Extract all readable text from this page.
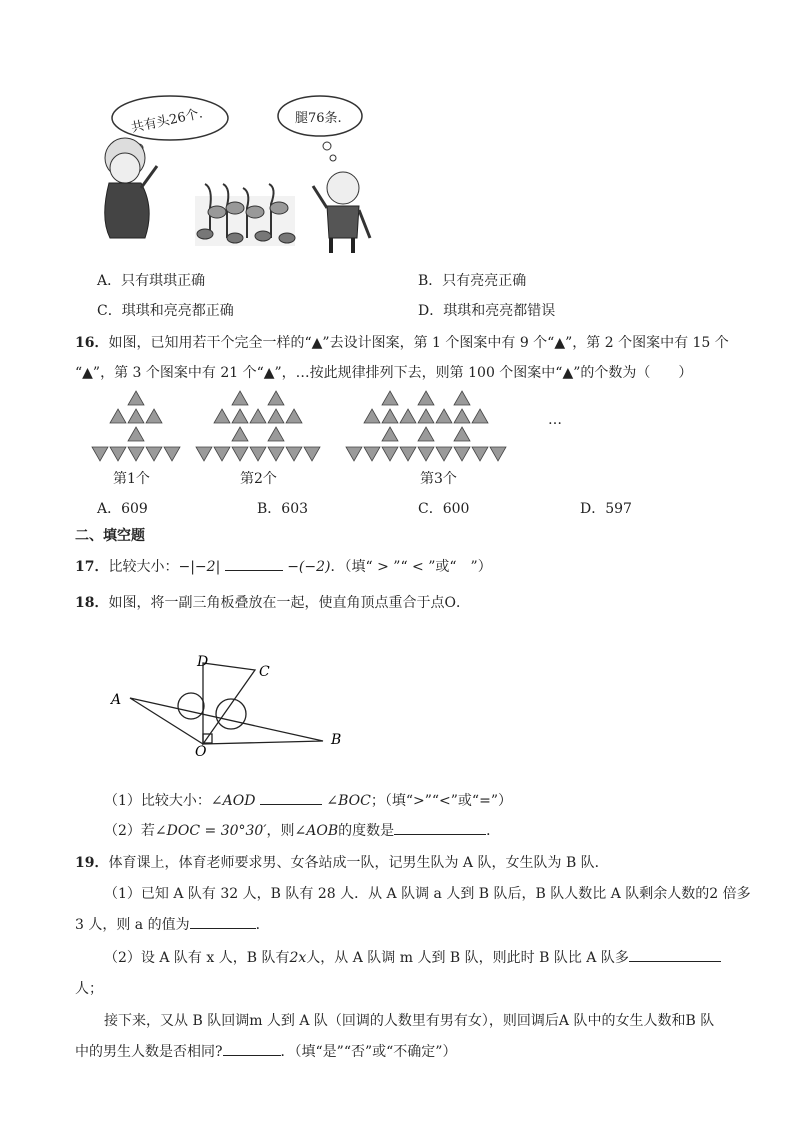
共有头26个.	腿76条.
A．只有琪琪正确	B．只有亮亮正确
C．琪琪和亮亮都正确	D．琪琪和亮亮都错误
16．如图，已知用若干个完全一样的“▲”去设计图案，第 1 个图案中有 9 个“▲”，第 2 个图案中有 15 个
“▲”，第 3 个图案中有 21 个“▲”，…按此规律排列下去，则第 100 个图案中“▲”的个数为（　　）
第1个	第2个	第3个
…
A．609	B．603	C．600	D．597
二、填空题
17．比较大小：−|−2|	−(−2)．（填“ > ”“ < ”或“　”）
18．如图，将一副三角板叠放在一起，使直角顶点重合于点O．
A
B
C
D
O
（1）比较大小：∠AOD	∠BOC；（填“>”“<”或“=”）
（2）若∠DOC = 30°30′，则∠AOB的度数是	．
19．体育课上，体育老师要求男、女各站成一队，记男生队为 A 队，女生队为 B 队．
（1）已知 A 队有 32 人，B 队有 28 人．从 A 队调 a 人到 B 队后，B 队人数比 A 队剩余人数的2 倍多
3 人，则 a 的值为	．
（2）设 A 队有 x 人，B 队有2x人，从 A 队调 m 人到 B 队，则此时 B 队比 A 队多
人；
接下来，又从 B 队回调m 人到 A 队（回调的人数里有男有女），则回调后A 队中的女生人数和B 队
中的男生人数是否相同?	．（填“是”“否”或“不确定”）
